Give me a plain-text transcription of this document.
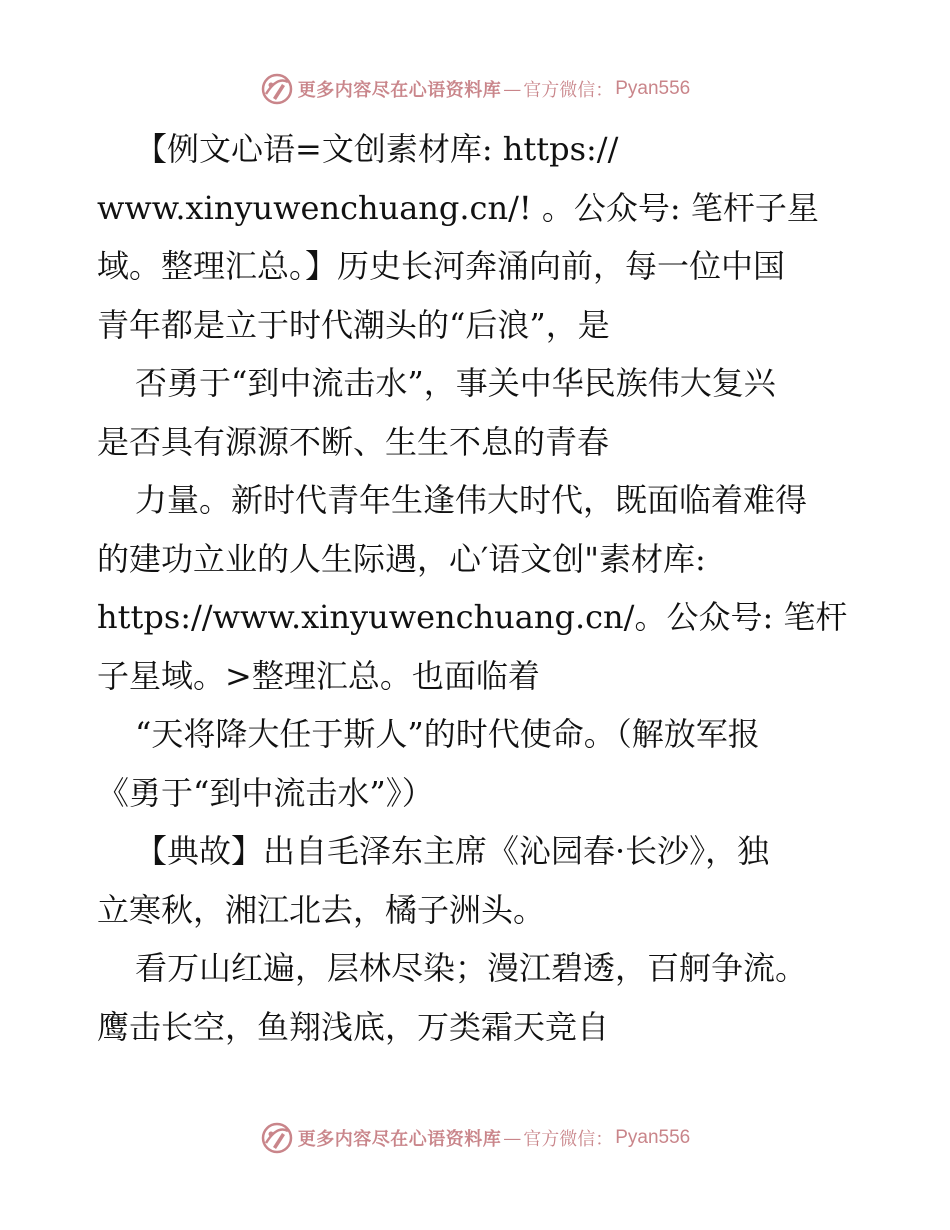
更多内容尽在心语资料库 — 官方微信： Pyan556
【例文心语=文创素材库: https://
www.xinyuwenchuang.cn/! 。公众号: 笔杆子星
域。整理汇总。】历史长河奔涌向前，每一位中国
青年都是立于时代潮头的“后浪”，是
否勇于“到中流击水”，事关中华民族伟大复兴
是否具有源源不断、生生不息的青春
力量。新时代青年生逢伟大时代，既面临着难得
的建功立业的人生际遇，心′语文创"素材库:
https://www.xinyuwenchuang.cn/。公众号: 笔杆
子星域。>整理汇总。也面临着
“天将降大任于斯人”的时代使命。（解放军报
《勇于“到中流击水”》）
【典故】出自毛泽东主席《沁园春·长沙》，独
立寒秋，湘江北去，橘子洲头。
看万山红遍，层林尽染；漫江碧透，百舸争流。
鹰击长空，鱼翔浅底，万类霜天竞自
更多内容尽在心语资料库 — 官方微信： Pyan556
